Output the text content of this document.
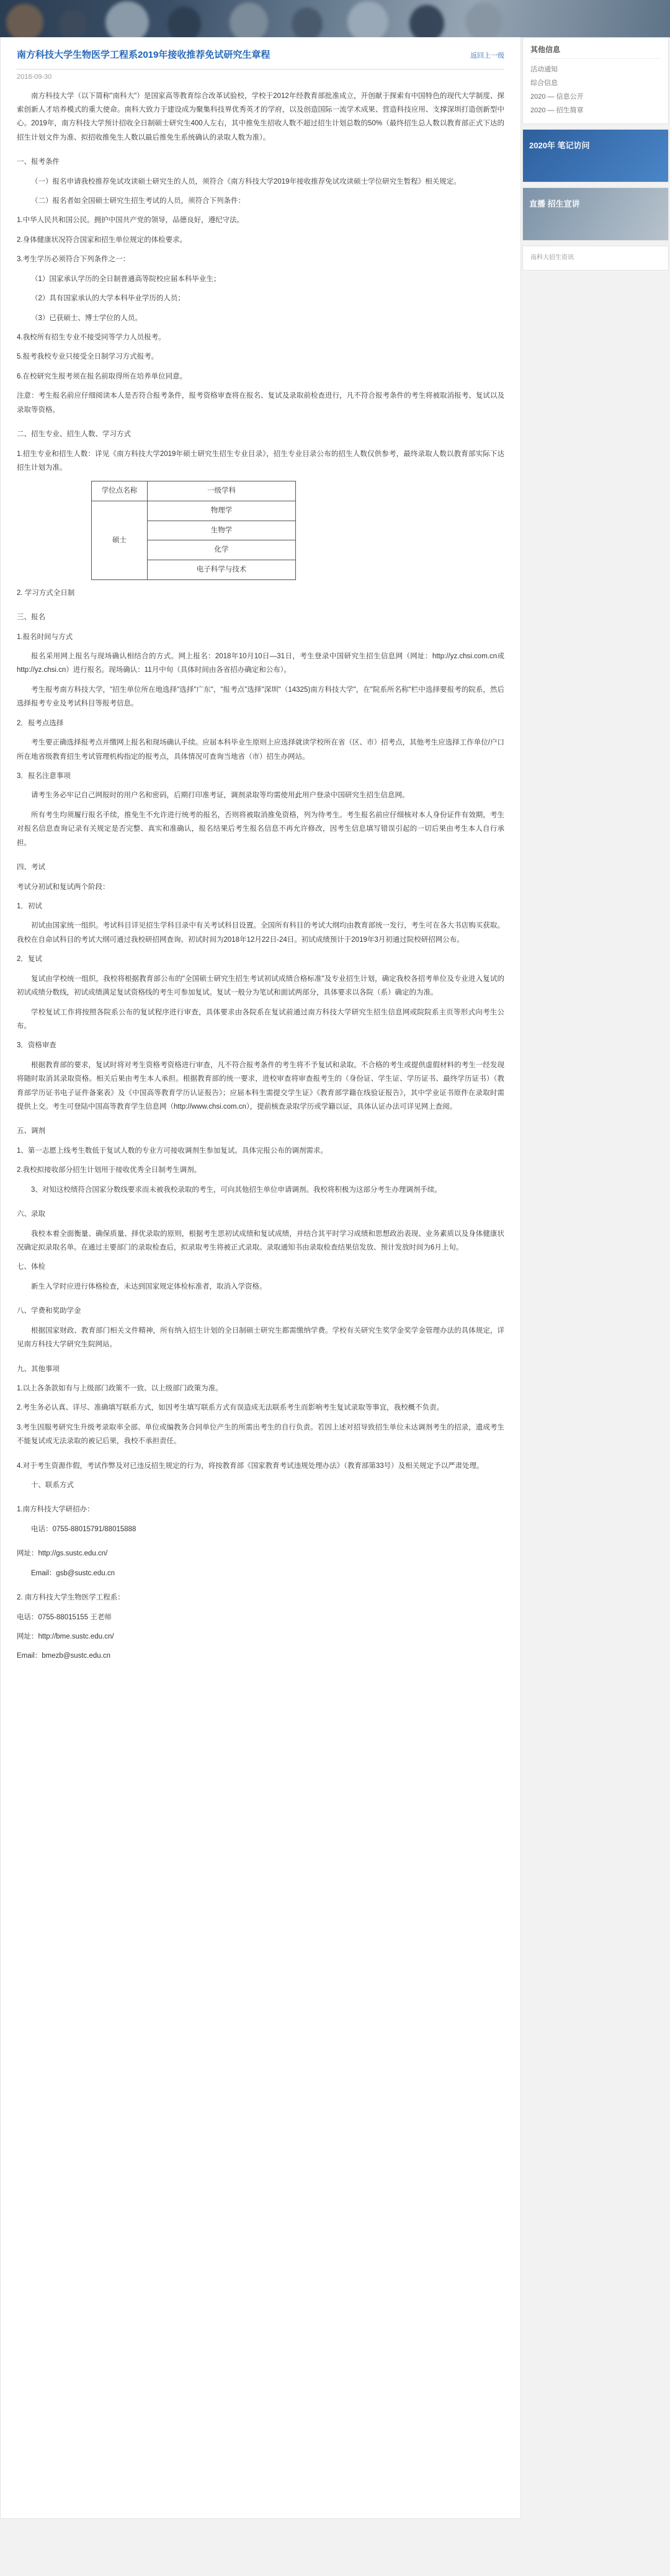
南方科技大学生物医学工程系2019年接收推荐免试研究生章程	返回上一级
2018-09-30

南方科技大学（以下简称"南科大"）是国家高等教育综合改革试验校，学校于2012年经教育部批准成立，开创献于探索有中国特色的现代大学制度、探索创新人才培养模式的重大使命。南科大致力于建设成为聚集科技界优秀英才的学府，以及创造国际一流学术成果、营造科技应用、支撑深圳打造创新型中心。2019年，南方科技大学预计招收全日制硕士研究生400人左右，其中推免生招收人数不超过招生计划总数的50%（最终招生总人数以教育部正式下达的招生计划文件为准、拟招收推免生人数以最后推免生系统确认的录取人数为准）。

一、报考条件

（一）报名申请我校推荐免试攻读硕士研究生的人员，须符合《南方科技大学2019年接收推荐免试攻读硕士学位研究生暂程》相关规定。

（二）报名者如全国硕士研究生招生考试的人员，须符合下列条件：

1.中华人民共和国公民。拥护中国共产党的领导，品德良好，遵纪守法。

2.身体健康状况符合国家和招生单位规定的体检要求。

3.考生学历必须符合下列条件之一：

（1）国家承认学历的全日制普通高等院校应届本科毕业生；

（2）具有国家承认的大学本科毕业学历的人员；

（3）已获硕士、博士学位的人员。

4.我校所有招生专业不接受同等学力人员报考。

5.报考我校专业只接受全日制学习方式报考。

6.在校研究生报考须在报名前取得所在培养单位同意。

注意：考生报名前应仔细阅读本人是否符合报考条件，报考资格审查将在报名、复试及录取前检查进行，凡不符合报考条件的考生将被取消报考、复试以及录取等资格。

二、招生专业、招生人数、学习方式

1.招生专业和招生人数：详见《南方科技大学2019年硕士研究生招生专业目录》，招生专业目录公布的招生人数仅供参考，最终录取人数以教育部实际下达招生计划为准。

学位点名称	一级学科
硕士	物理学
	生物学
	化学
	电子科学与技术

2. 学习方式全日制

三、报名

1.报名时间与方式

报名采用网上报名与现场确认相结合的方式。网上报名：2018年10月10日—31日，考生登录中国研究生招生信息网（网址：http://yz.chsi.com.cn或http://yz.chsi.cn）进行报名。现场确认：11月中旬（具体时间由各省招办确定和公布）。

考生报考南方科技大学，"招生单位所在地选择"选择"广东"，"报考点"选择"深圳"（14325)南方科技大学"，在"院系所名称"栏中选择要报考的院系，然后选择报考专业及考试科目等报考信息。

2．报考点选择

考生要正确选择报考点并缴网上报名和现场确认手续。应届本科毕业生原则上应选择就读学校所在省（区、市）招考点，其他考生应选择工作单位/户口所在地省级教育招生考试管理机构指定的报考点，具体情况可查询当地省（市）招生办网站。

3．报名注意事项

请考生务必牢记自己网报时的用户名和密码，后期打印准考证，调剂录取等均需使用此用户登录中国研究生招生信息网。

所有考生均须履行报名手续，推免生不允许进行统考的报名，否则将被取消推免资格，列为待考生。考生报名前应仔细核对本人身份证件有效期，考生对报名信息查询记录有关规定是否完整、真实和准确认，报名结果后考生报名信息不再允许修改，因考生信息填写错误引起的一切后果由考生本人自行承担。

四、考试

考试分初试和复试两个阶段：

1．初试

初试由国家统一组织。考试科目详见招生学科目录中有关考试科目设置。全国所有科目的考试大纲均由教育部统一发行，考生可在各大书店购买获取。我校在自命试科目的考试大纲可通过我校研招网查询。初试时间为2018年12月22日-24日。初试成绩预计于2019年3月初通过院校研招网公布。

2．复试

复试由学校统一组织，我校将根据教育部公布的"全国硕士研究生招生考试初试成绩合格标准"及专业招生计划，确定我校各招考单位及专业进入复试的初试成绩分数线，初试成绩满足复试资格线的考生可参加复试。复试一般分为笔试和面试两部分，具体要求以各院（系）确定的为准。

学校复试工作将按照各院系公布的复试程序进行审查，具体要求由各院系在复试前通过南方科技大学研究生招生信息网或院院系主页等形式向考生公布。

3．资格审查

根据教育部的要求，复试时将对考生资格考资格进行审查，凡不符合报考条件的考生将不予复试和录取。不合格的考生或提供虚假材料的考生一经发现将随时取消其录取资格。相关后果由考生本人承担。根据教育部的统一要求，进校审查将审查报考生的（身份证、学生证、学历证书、最终学历证书）（教育部学历证书电子证件备案表》及《中国高等教育学历认证报告》；应届本科生需提交学生证》《教育部学籍在线验证报告》，其中学业证书原件在录取时需提供上交。考生可登陆中国高等教育学生信息网（http://www.chsi.com.cn），提前核查录取学历或学籍以证，具体认证办法可详见网上查阅。

五、调剂

1、第一志愿上线考生数低于复试人数的专业方可接收调剂生参加复试。具体完报公布的调剂需求。

2.我校拟接收部分招生计划用于接收优秀全日制考生调剂。

3、对知这校绩符合国家分数线要求而未被我校录取的考生，可向其他招生单位申请调剂。我校将积极为这部分考生办理调剂手续。

六、录取

我校本着全面衡量、确保质量、择优录取的原则，根据考生思初试成绩和复试成绩，并结合其平时学习成绩和思想政治表现、业务素质以及身体健康状况确定拟录取名单。在通过主要部门的录取检查后，拟录取考生将被正式录取。录取通知书由录取检查结果信发放、预计发放时间为6月上旬。

七、体检

新生入学时应进行体格检查，未达到国家规定体检标准者，取消入学资格。

八、学费和奖助学金

根据国家财政、教育部门相关文件精神，所有纳入招生计划的全日制硕士研究生都需缴纳学费。学校有关研究生奖学金奖学金管理办法的具体规定，详见南方科技大学研究生院网站。

九、其他事项

1.以上各条款如有与上级部门政策不一致、以上级部门政策为准。

2.考生务必认真、详尽、准确填写联系方式，如因考生填写联系方式有误造成无法联系考生而影响考生复试录取等事宜，我校概不负责。

3.考生因服考研究生升级考录取率全部、单位或编教务合同单位产生的所需出考生的自行负责。若因上述对招导致招生单位未达调剂考生的招录，遗成考生不能复试或无法录取的被记后果，我校不承担责任。

4.对于考生资源作假，考试作弊及对已违反招生规定的行为，将按教育部《国家教育考试违规处理办法》（教育部第33号）及相关规定予以严肃处理。

十、联系方式

1.南方科技大学研招办：

电话：0755-88015791/88015888

网址：http://gs.sustc.edu.cn/

Email：gsb@sustc.edu.cn

2. 南方科技大学生物医学工程系：

电话：0755-88015155 王老师

网址：http://bme.sustc.edu.cn/

Email：bmezb@sustc.edu.cn

其他信息
活动通知
综合信息
2020 — 信息公开
2020 — 招生简章
2020年 笔记访问
直播 招生宣讲
南科大招生资讯
